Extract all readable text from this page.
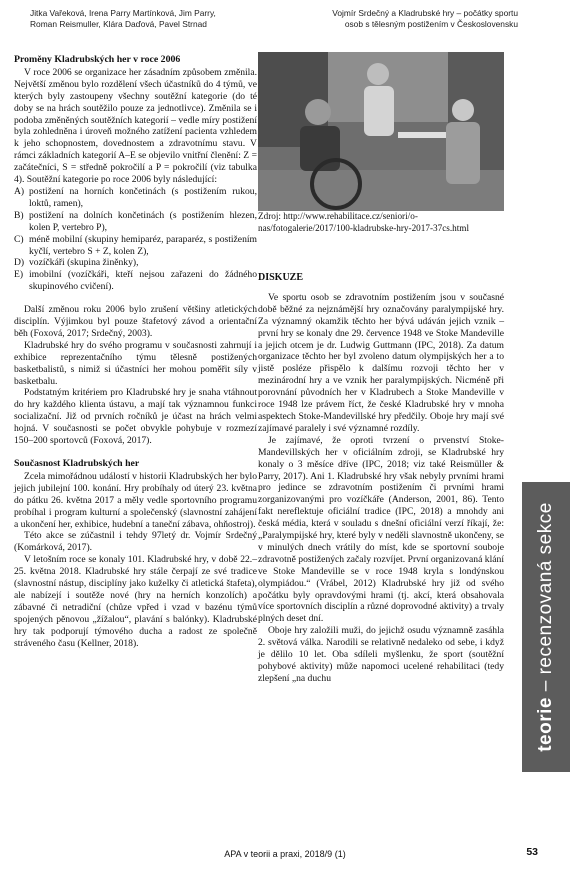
Jitka Vařeková, Irena Parry Martínková, Jim Parry,
Roman Reismuller, Klára Daďová, Pavel Strnad
Vojmír Srdečný a Kladrubské hry – počátky sportu
osob s tělesným postižením v Československu
Proměny Kladrubských her v roce 2006

V roce 2006 se organizace her zásadním způsobem změnila. Největší změnou bylo rozdělení všech účastníků do 4 týmů, ve kterých byly zastoupeny všechny soutěžní kategorie (do té doby se na hrách soutěžilo pouze za jednotlivce). Změnila se i podoba změněných soutěžních kategorií – vedle míry postižení byla zohledněna i úroveň možného zatížení pacienta vzhledem k jeho schopnostem, dovednostem a zdravotnímu stavu. V rámci základních kategorií A–E se objevilo vnitřní členění: Z = začátečníci, S = středně pokročilí a P = pokročilí (viz tabulka 4). Soutěžní kategorie po roce 2006 byly následující:

A) postižení na horních končetinách (s postižením rukou, loktů, ramen),
B) postižení na dolních končetinách (s postižením hlezen, kolen P, vertebro P),
C) méně mobilní (skupiny hemiparéz, paraparéz, s postižením kyčlí, vertebro S + Z, kolen Z),
D) vozíčkáři (skupina žiněnky),
E) imobilní (vozíčkáři, kteří nejsou zařazeni do žádného skupinového cvičení).

Další změnou roku 2006 bylo zrušení většiny atletických disciplín. Výjimkou byl pouze štafetový závod a orientační běh (Foxová, 2017; Srdečný, 2003).

Kladrubské hry do svého programu v současnosti zahrnují i exhibice reprezentačního týmu tělesně postižených basketbalistů, s nimiž si účastníci her mohou poměřit síly v basketbalu.

Podstatným kritériem pro Kladrubské hry je snaha vtáhnout do hry každého klienta ústavu, a mají tak významnou funkci socializační. Již od prvních ročníků je účast na hrách velmi hojná. V současnosti se počet obvykle pohybuje v rozmezí 150–200 sportovců (Foxová, 2017).

Současnost Kladrubských her

Zcela mimořádnou událostí v historii Kladrubských her bylo jejich jubilejní 100. konání. Hry probíhaly od úterý 23. května do pátku 26. května 2017 a měly vedle sportovního programu probíhal i program kulturní a společenský (slavnostní zahájení a ukončení her, exhibice, hudební a taneční zábava, ohňostroj).

Této akce se zúčastnil i tehdy 97letý dr. Vojmír Srdečný (Komárková, 2017).

V letošním roce se konaly 101. Kladrubské hry, v době 22.–25. května 2018. Kladrubské hry stále čerpají ze své tradice (slavnostní nástup, disciplíny jako kuželky či atletická štafeta), ale nabízejí i soutěže nové (hry na herních konzolích) a zábavné či netradiční (chůze vpřed i vzad v bazénu týmů spojených pěnovou „žížalou“, plavání s balónky). Kladrubské hry tak podporují týmového ducha a radost ze společně stráveného času (Kellner, 2018).

Zdroj: http://www.rehabilitace.cz/seniori/o-nas/fotogalerie/2017/100-kladrubske-hry-2017-37cs.html

DISKUZE

Ve sportu osob se zdravotním postižením jsou v současné době běžné za nejznámější hry označovány paralympijské hry. Za významný okamžik těchto her bývá udáván jejich vznik – první hry se konaly dne 29. července 1948 ve Stoke Mandeville a jejich otcem je dr. Ludwig Guttmann (IPC, 2018). Za datum organizace těchto her byl zvoleno datum olympijských her a to jistě posléze přispělo k dalšímu rozvoji těchto her v mezinárodní hry a ve vznik her paralympijských. Nicméně při porovnání původních her v Kladrubech a Stoke Mandeville v roce 1948 lze právem říct, že české Kladrubské hry v mnoha aspektech Stoke-Mandevillské hry předčily. Oboje hry mají své zajímavé paralely i své významné rozdíly.

Je zajímavé, že oproti tvrzení o prvenství Stoke-Mandevillských her v oficiálním zdroji, se Kladrubské hry konaly o 3 měsíce dříve (IPC, 2018; viz také Reismüller & Parry, 2017). Ani 1. Kladrubské hry však nebyly prvními hrami pro jedince se zdravotním postižením či prvními hrami zorganizovanými pro vozíčkáře (Anderson, 2001, 86). Tento fakt nereflektuje oficiální tradice (IPC, 2018) a mnohdy ani česká média, která v souladu s dnešní oficiální verzí říkají, že: „Paralympijské hry, které byly v neděli slavnostně ukončeny, se v minulých dnech vrátily do míst, kde se sportovní souboje zdravotně postižených začaly rozvíjet. První organizovaná klání ve Stoke Mandeville se v roce 1948 kryla s londýnskou olympiádou.“ (Vrábel, 2012) Kladrubské hry již od svého počátku byly opravdovými hrami (tj. akcí, která obsahovala více sportovních disciplín a různé doprovodné aktivity) a trvaly plných deset dní.

Oboje hry založili muži, do jejichž osudu významně zasáhla 2. světová válka. Narodili se relativně nedaleko od sebe, i když je dělilo 10 let. Oba sdíleli myšlenku, že sport (soutěžní pohybové aktivity) může napomoci ucelené rehabilitaci (tedy zlepšení „na duchu

teorie – recenzovaná sekce
APA v teorii a praxi, 2018/9 (1)	53
